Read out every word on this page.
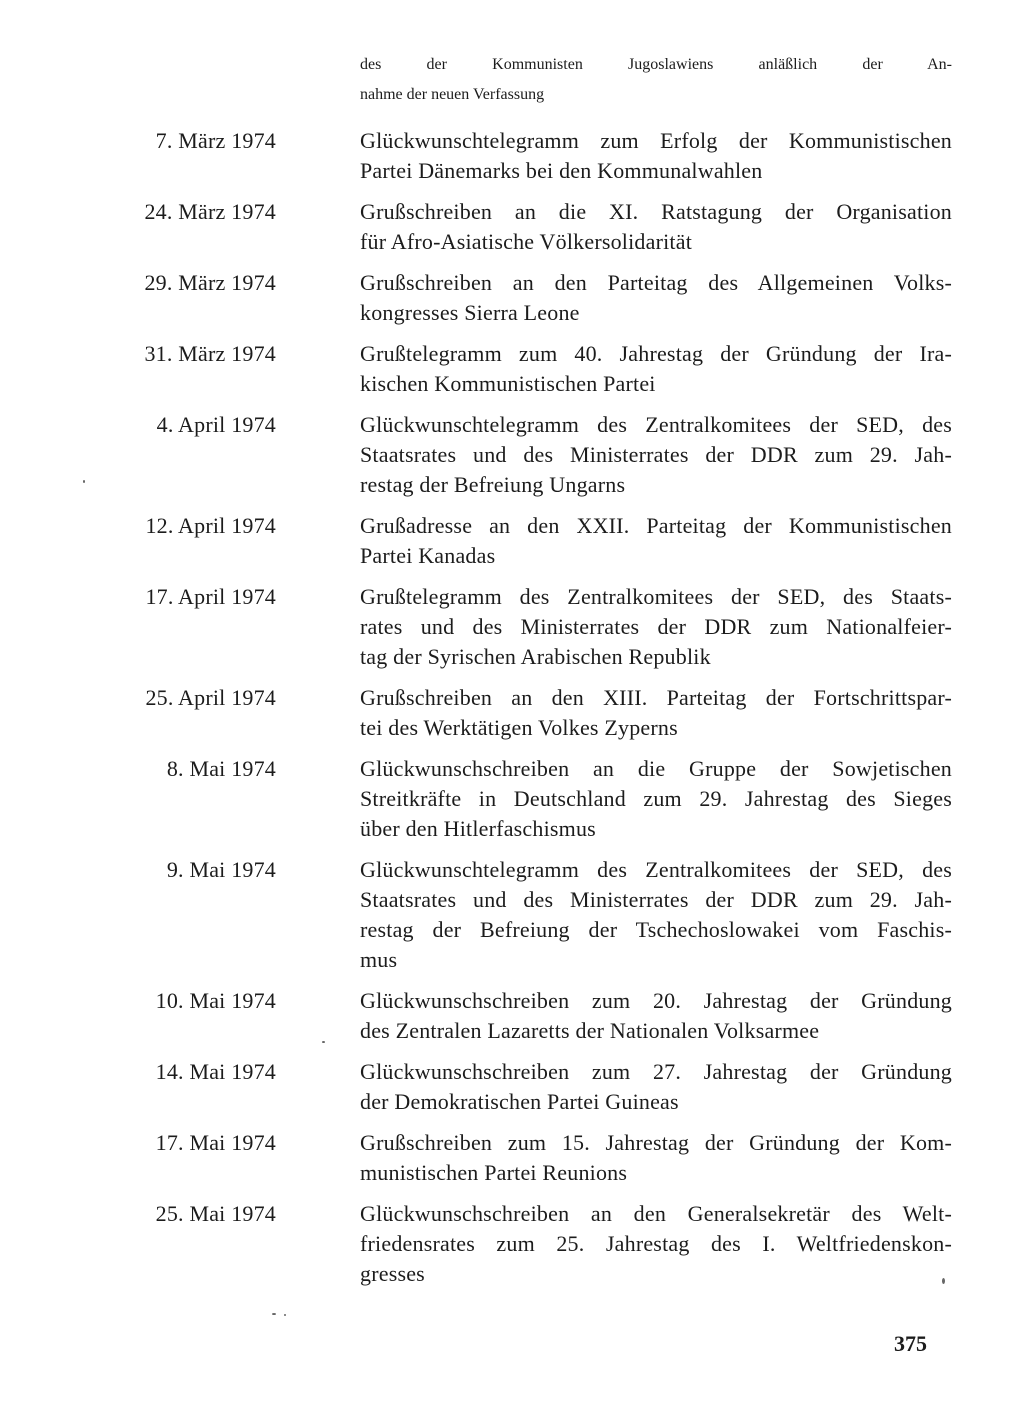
des der Kommunisten Jugoslawiens anläßlich der An-
nahme der neuen Verfassung
7. März 1974	Glückwunschtelegramm zum Erfolg der Kommunistischen
Partei Dänemarks bei den Kommunalwahlen
24. März 1974	Grußschreiben an die XI. Ratstagung der Organisation
für Afro-Asiatische Völkersolidarität
29. März 1974	Grußschreiben an den Parteitag des Allgemeinen Volks-
kongresses Sierra Leone
31. März 1974	Grußtelegramm zum 40. Jahrestag der Gründung der Ira-
kischen Kommunistischen Partei
4. April 1974	Glückwunschtelegramm des Zentralkomitees der SED, des
Staatsrates und des Ministerrates der DDR zum 29. Jah-
restag der Befreiung Ungarns
12. April 1974	Grußadresse an den XXII. Parteitag der Kommunistischen
Partei Kanadas
17. April 1974	Grußtelegramm des Zentralkomitees der SED, des Staats-
rates und des Ministerrates der DDR zum Nationalfeier-
tag der Syrischen Arabischen Republik
25. April 1974	Grußschreiben an den XIII. Parteitag der Fortschrittspar-
tei des Werktätigen Volkes Zyperns
8. Mai 1974	Glückwunschschreiben an die Gruppe der Sowjetischen
Streitkräfte in Deutschland zum 29. Jahrestag des Sieges
über den Hitlerfaschismus
9. Mai 1974	Glückwunschtelegramm des Zentralkomitees der SED, des
Staatsrates und des Ministerrates der DDR zum 29. Jah-
restag der Befreiung der Tschechoslowakei vom Faschis-
mus
10. Mai 1974	Glückwunschschreiben zum 20. Jahrestag der Gründung
des Zentralen Lazaretts der Nationalen Volksarmee
14. Mai 1974	Glückwunschschreiben zum 27. Jahrestag der Gründung
der Demokratischen Partei Guineas
17. Mai 1974	Grußschreiben zum 15. Jahrestag der Gründung der Kom-
munistischen Partei Reunions
25. Mai 1974	Glückwunschschreiben an den Generalsekretär des Welt-
friedensrates zum 25. Jahrestag des I. Weltfriedenskon-
gresses
375
